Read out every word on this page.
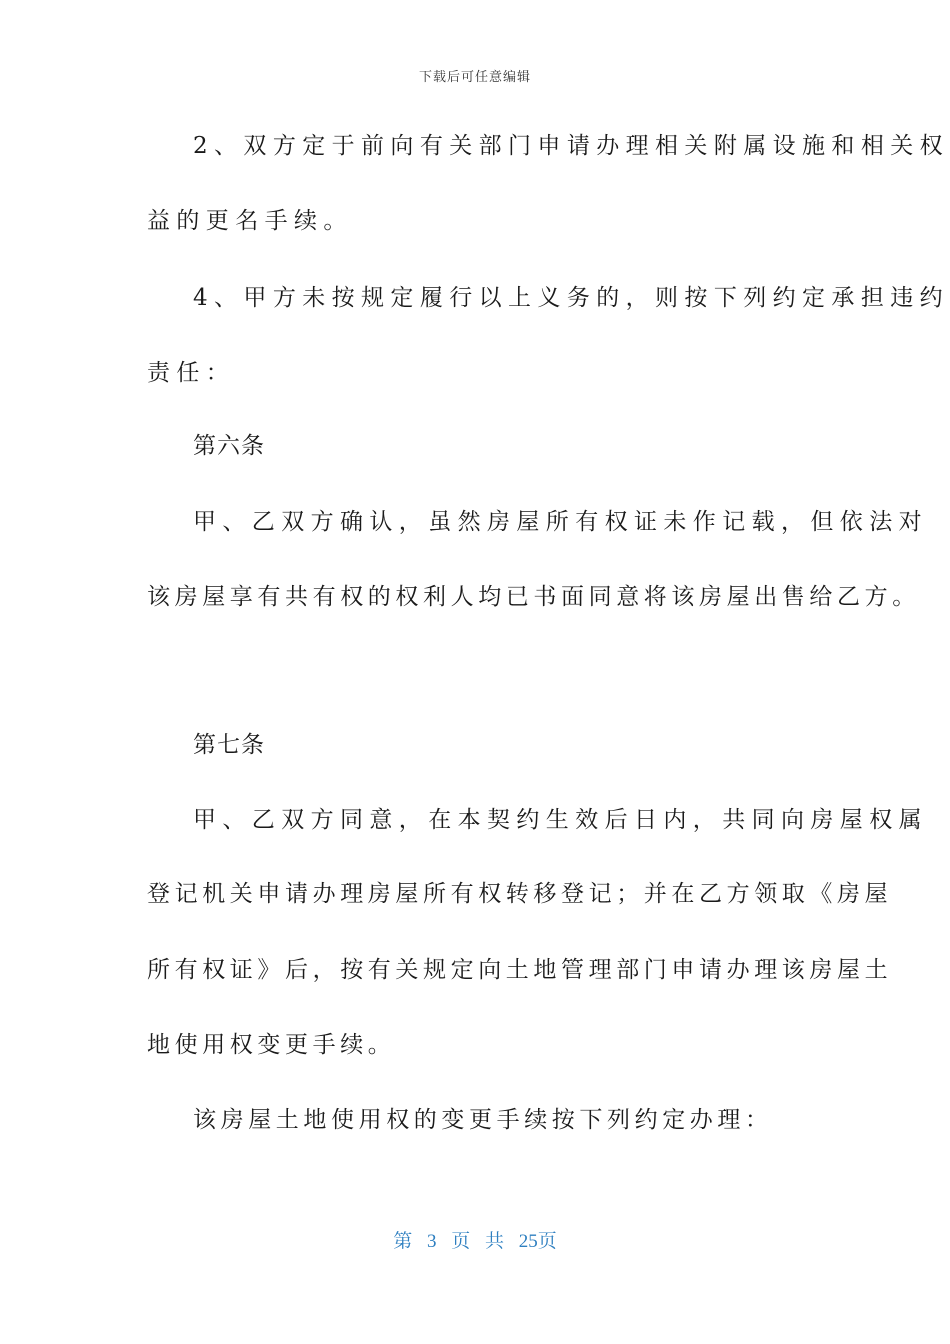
下载后可任意编辑
2、双方定于前向有关部门申请办理相关附属设施和相关权
益的更名手续。
4、甲方未按规定履行以上义务的，则按下列约定承担违约
责任：
第六条
甲、乙双方确认，虽然房屋所有权证未作记载，但依法对
该房屋享有共有权的权利人均已书面同意将该房屋出售给乙方。
第七条
甲、乙双方同意，在本契约生效后日内，共同向房屋权属
登记机关申请办理房屋所有权转移登记；并在乙方领取《房屋
所有权证》后，按有关规定向土地管理部门申请办理该房屋土
地使用权变更手续。
该房屋土地使用权的变更手续按下列约定办理：
第 3 页 共 25页
